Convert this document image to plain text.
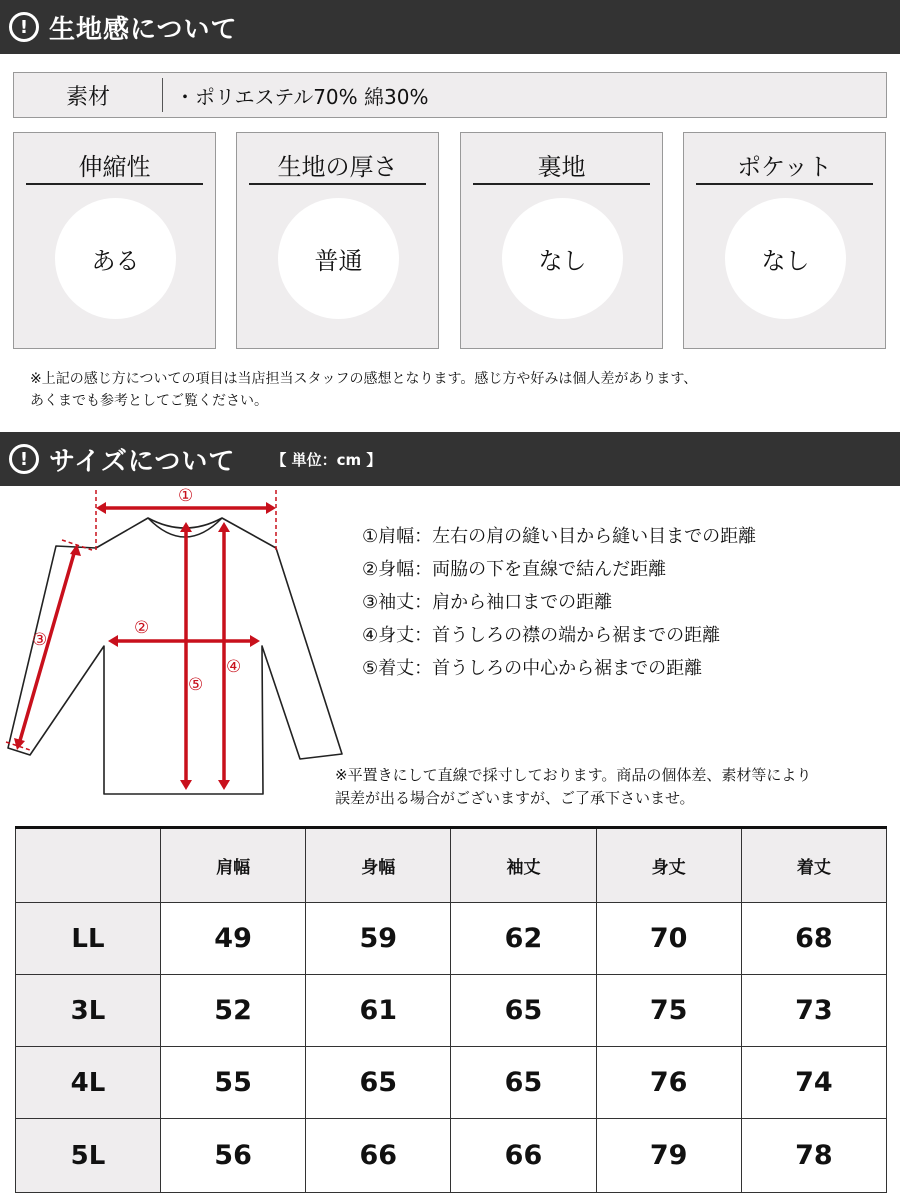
! 生地感について
素材	・ポリエステル70% 綿30%
伸縮性
ある
生地の厚さ
普通
裏地
なし
ポケット
なし
※上記の感じ方についての項目は当店担当スタッフの感想となります。感じ方や好みは個人差があります、
あくまでも参考としてご覧ください。
! サイズについて 【 単位：cm 】
①
②
③
④
⑤
①肩幅：左右の肩の縫い目から縫い目までの距離
②身幅：両脇の下を直線で結んだ距離
③袖丈：肩から袖口までの距離
④身丈：首うしろの襟の端から裾までの距離
⑤着丈：首うしろの中心から裾までの距離
※平置きにして直線で採寸しております。商品の個体差、素材等により
誤差が出る場合がございますが、ご了承下さいませ。
	肩幅	身幅	袖丈	身丈	着丈
LL	49	59	62	70	68
3L	52	61	65	75	73
4L	55	65	65	76	74
5L	56	66	66	79	78
